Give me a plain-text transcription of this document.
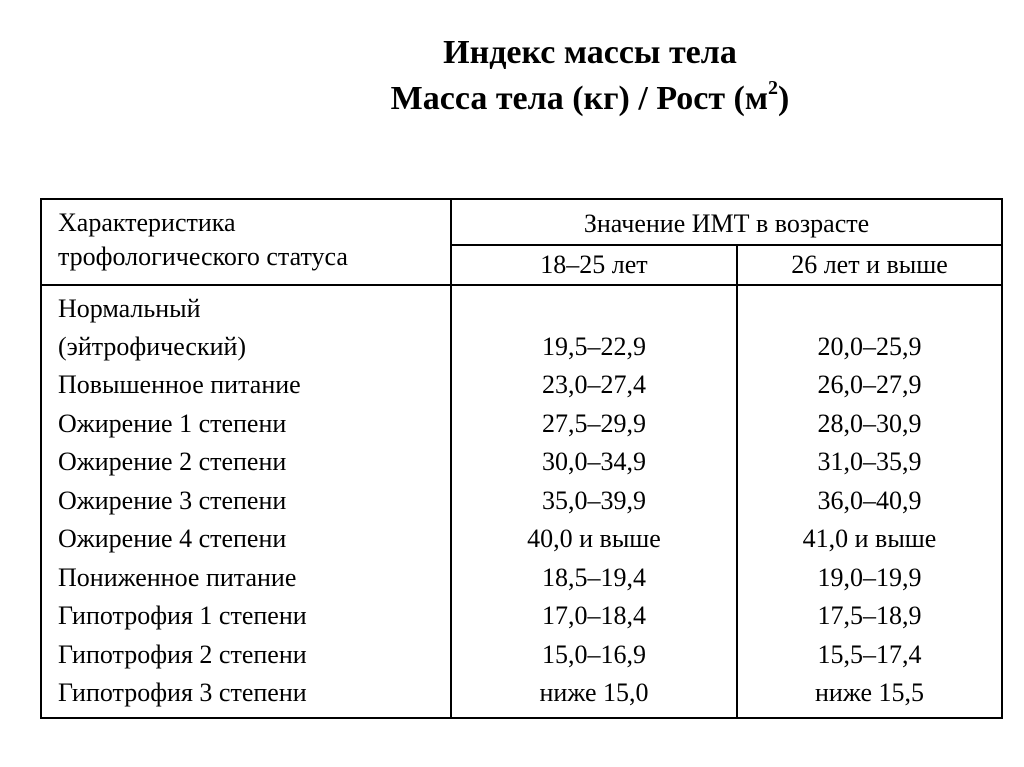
Индекс массы тела
Масса тела (кг) / Рост $(м^2)$
Характеристика
трофологического статуса	Значение ИМТ в возрасте	
	18–25 лет	26 лет и выше

Нормальный
(эйтрофический)	19,5–22,9	20,0–25,9
Повышенное питание	23,0–27,4	26,0–27,9
Ожирение 1 степени	27,5–29,9	28,0–30,9
Ожирение 2 степени	30,0–34,9	31,0–35,9
Ожирение 3 степени	35,0–39,9	36,0–40,9
Ожирение 4 степени	40,0 и выше	41,0 и выше
Пониженное питание	18,5–19,4	19,0–19,9
Гипотрофия 1 степени	17,0–18,4	17,5–18,9
Гипотрофия 2 степени	15,0–16,9	15,5–17,4
Гипотрофия 3 степени	ниже 15,0	ниже 15,5
